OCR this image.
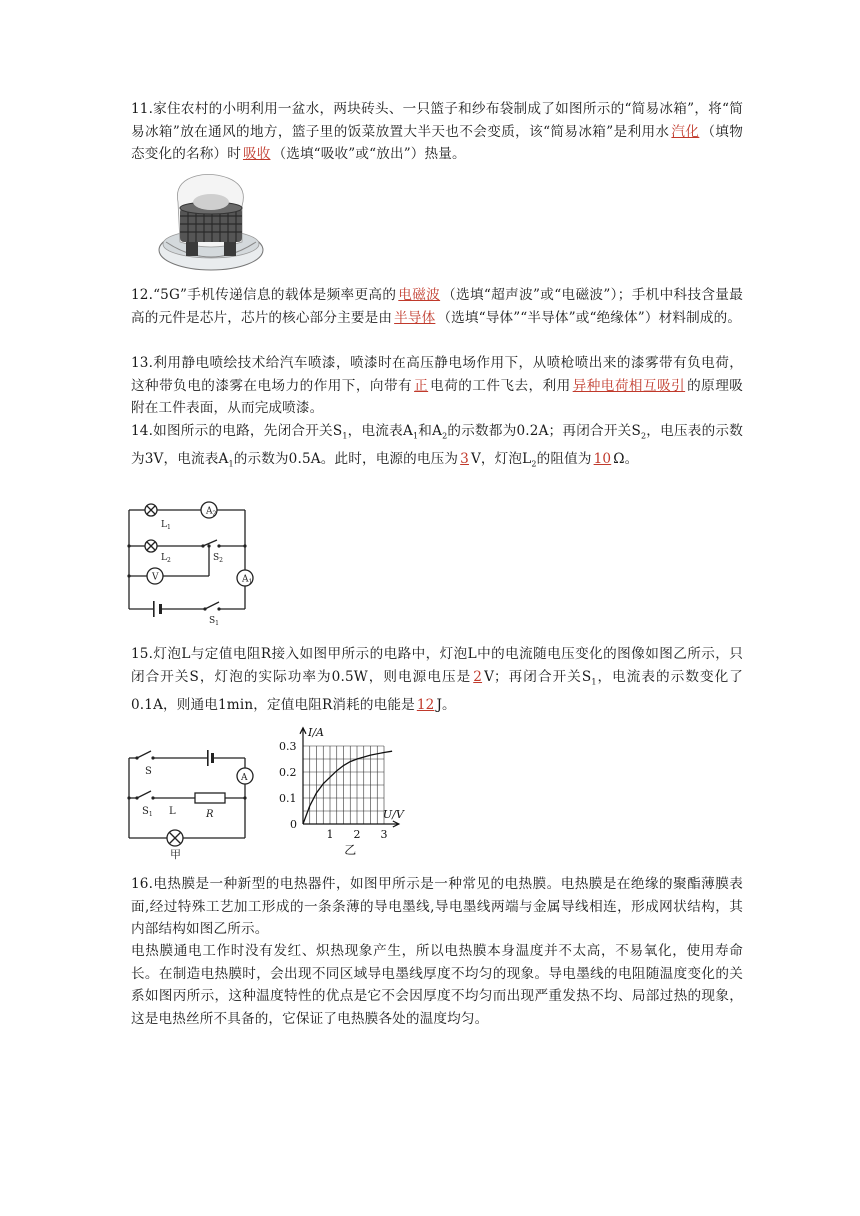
11.家住农村的小明利用一盆水，两块砖头、一只篮子和纱布袋制成了如图所示的“简易冰箱”，将“简易冰箱”放在通风的地方，篮子里的饭菜放置大半天也不会变质，该“简易冰箱”是利用水 汽化 （填物态变化的名称）时 吸收 （选填“吸收”或“放出”）热量。

12.“5G”手机传递信息的载体是频率更高的 电磁波 （选填“超声波”或“电磁波”）；手机中科技含量最高的元件是芯片，芯片的核心部分主要是由 半导体 （选填“导体”“半导体”或“绝缘体”）材料制成的。

13.利用静电喷绘技术给汽车喷漆，喷漆时在高压静电场作用下，从喷枪喷出来的漆雾带有负电荷，这种带负电的漆雾在电场力的作用下，向带有 正 电荷的工件飞去，利用 异种电荷相互吸引 的原理吸附在工件表面，从而完成喷漆。

14.如图所示的电路，先闭合开关$S_1$，电流表$A_1$和$A_2$的示数都为0.2A；再闭合开关$S_2$，电压表的示数为3V，电流表$A_1$的示数为0.5A。此时，电源的电压为 3 V，灯泡$L_2$的阻值为 10 Ω。

$A_2$
$A_1$
V
$L_1$
$L_2$	$S_2$
$S_1$

15.灯泡L与定值电阻R接入如图甲所示的电路中，灯泡L中的电流随电压变化的图像如图乙所示，只闭合开关S，灯泡的实际功率为0.5W，则电源电压是 2 V；再闭合开关$S_1$，电流表的示数变化了0.1A，则通电1min，定值电阻R消耗的电能是 12 J。

S
$S_1$ L	R
A
甲
0
1 2 3
0.1
0.2
0.3
I/A
U/V
乙

16.电热膜是一种新型的电热器件，如图甲所示是一种常见的电热膜。电热膜是在绝缘的聚酯薄膜表面,经过特殊工艺加工形成的一条条薄的导电墨线,导电墨线两端与金属导线相连，形成网状结构，其内部结构如图乙所示。

电热膜通电工作时没有发红、炽热现象产生，所以电热膜本身温度并不太高，不易氧化，使用寿命长。在制造电热膜时，会出现不同区域导电墨线厚度不均匀的现象。导电墨线的电阻随温度变化的关系如图丙所示，这种温度特性的优点是它不会因厚度不均匀而出现严重发热不均、局部过热的现象，这是电热丝所不具备的，它保证了电热膜各处的温度均匀。
